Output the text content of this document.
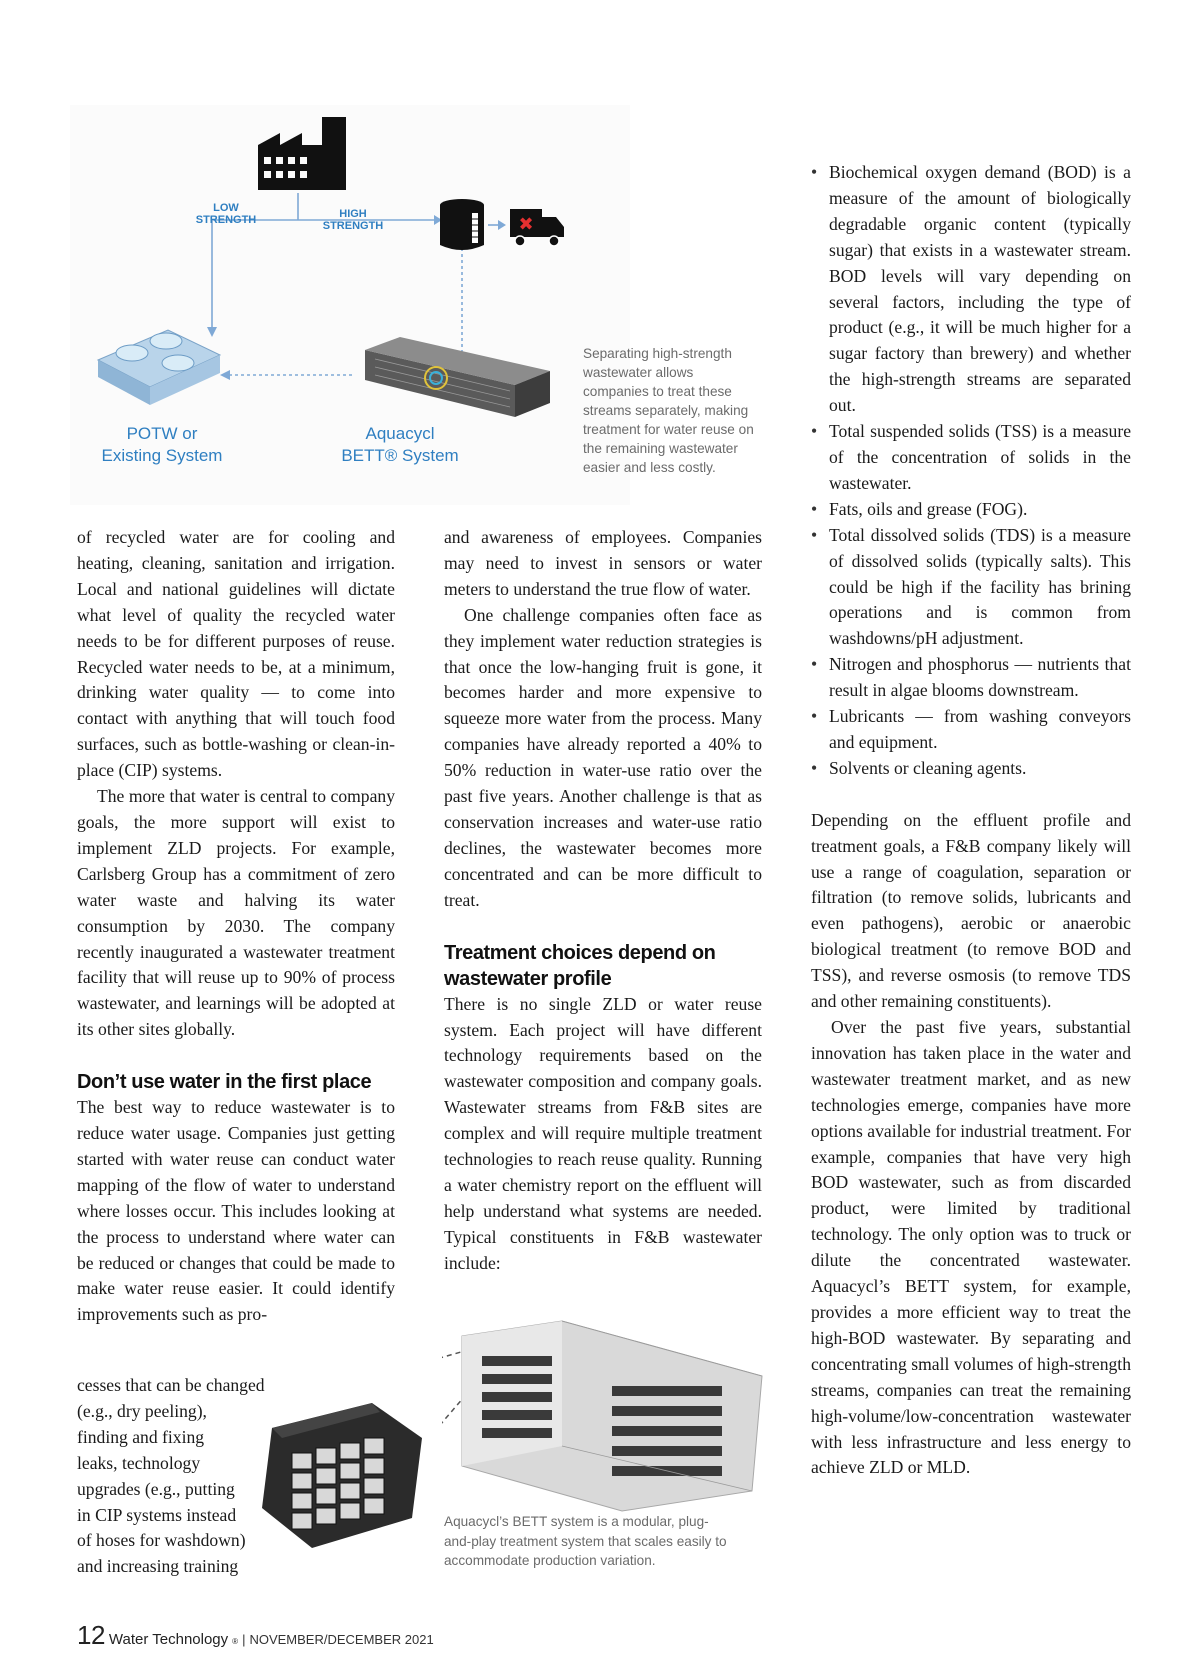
LOW
STRENGTH	HIGH
STRENGTH	✖
POTW or
Existing System
Aquacycl
BETT® System
Separating high-strength wastewater allows companies to treat these streams separately, making treatment for water reuse on the remaining wastewater easier and less costly.

of recycled water are for cooling and heating, cleaning, sanitation and irrigation. Local and national guidelines will dictate what level of quality the recycled water needs to be for different purposes of reuse. Recycled water needs to be, at a minimum, drinking water quality — to come into contact with anything that will touch food surfaces, such as bottle-washing or clean-in-place (CIP) systems.

The more that water is central to company goals, the more support will exist to implement ZLD projects. For example, Carlsberg Group has a commitment of zero water waste and halving its water consumption by 2030. The company recently inaugurated a wastewater treatment facility that will reuse up to 90% of process wastewater, and learnings will be adopted at its other sites globally.

Don’t use water in the first place

The best way to reduce wastewater is to reduce water usage. Companies just getting started with water reuse can conduct water mapping of the flow of water to understand where losses occur. This includes looking at the process to understand where water can be reduced or changes that could be made to make water reuse easier. It could identify improvements such as pro-

cesses that can be changed
(e.g., dry peeling),
finding and fixing
leaks, technology
upgrades (e.g., putting
in CIP systems instead
of hoses for washdown)
and increasing training

and awareness of employees. Companies may need to invest in sensors or water meters to understand the true flow of water.

One challenge companies often face as they implement water reduction strategies is that once the low-hanging fruit is gone, it becomes harder and more expensive to squeeze more water from the process. Many companies have already reported a 40% to 50% reduction in water-use ratio over the past five years. Another challenge is that as conservation increases and water-use ratio declines, the wastewater becomes more concentrated and can be more difficult to treat.

Treatment choices depend on wastewater profile

There is no single ZLD or water reuse system. Each project will have different technology requirements based on the wastewater composition and company goals. Wastewater streams from F&B sites are complex and will require multiple treatment technologies to reach reuse quality. Running a water chemistry report on the effluent will help understand what systems are needed. Typical constituents in F&B wastewater include:

Aquacycl’s BETT system is a modular, plug-and-play treatment system that scales easily to accommodate production variation.
• Biochemical oxygen demand (BOD) is a measure of the amount of biologically degradable organic content (typically sugar) that exists in a wastewater stream. BOD levels will vary depending on several factors, including the type of product (e.g., it will be much higher for a sugar factory than brewery) and whether the high-strength streams are separated out.
• Total suspended solids (TSS) is a measure of the concentration of solids in the wastewater.
• Fats, oils and grease (FOG).
• Total dissolved solids (TDS) is a measure of dissolved solids (typically salts). This could be high if the facility has brining operations and is common from washdowns/pH adjustment.
• Nitrogen and phosphorus — nutrients that result in algae blooms downstream.
• Lubricants — from washing conveyors and equipment.
• Solvents or cleaning agents.

Depending on the effluent profile and treatment goals, a F&B company likely will use a range of coagulation, separation or filtration (to remove solids, lubricants and even pathogens), aerobic or anaerobic biological treatment (to remove BOD and TSS), and reverse osmosis (to remove TDS and other remaining constituents).

Over the past five years, substantial innovation has taken place in the water and wastewater treatment market, and as new technologies emerge, companies have more options available for industrial treatment. For example, companies that have very high BOD wastewater, such as from discarded product, were limited by traditional technology. The only option was to truck or dilute the concentrated wastewater. Aquacycl’s BETT system, for example, provides a more efficient way to treat the high-BOD wastewater. By separating and concentrating small volumes of high-strength streams, companies can treat the remaining high-volume/low-concentration wastewater with less infrastructure and less energy to achieve ZLD or MLD.

12 Water Technology ® | NOVEMBER/DECEMBER 2021
